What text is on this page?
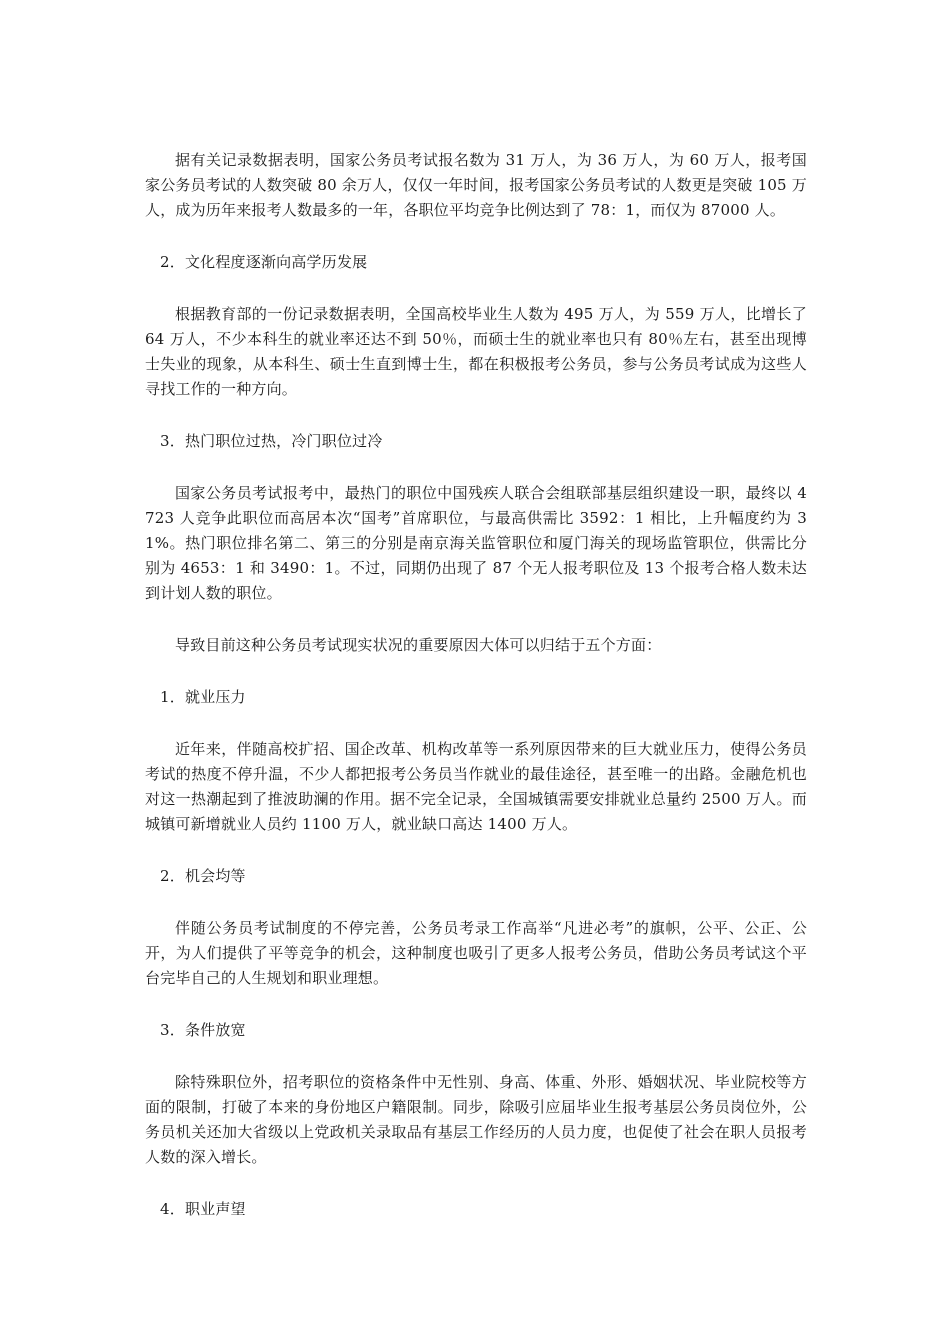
据有关记录数据表明，国家公务员考试报名数为 31 万人，为 36 万人，为 60 万人，报考国家公务员考试的人数突破 80 余万人，仅仅一年时间，报考国家公务员考试的人数更是突破 105 万人，成为历年来报考人数最多的一年，各职位平均竞争比例达到了 78：1，而仅为 87000 人。

2．文化程度逐渐向高学历发展

根据教育部的一份记录数据表明，全国高校毕业生人数为 495 万人，为 559 万人，比增长了 64 万人，不少本科生的就业率还达不到 50％，而硕士生的就业率也只有 80％左右，甚至出现博士失业的现象，从本科生、硕士生直到博士生，都在积极报考公务员，参与公务员考试成为这些人寻找工作的一种方向。

3．热门职位过热，冷门职位过冷

国家公务员考试报考中，最热门的职位中国残疾人联合会组联部基层组织建设一职，最终以 4723 人竞争此职位而高居本次“国考”首席职位，与最高供需比 3592：1 相比，上升幅度约为 31%。热门职位排名第二、第三的分别是南京海关监管职位和厦门海关的现场监管职位，供需比分别为 4653：1 和 3490：1。不过，同期仍出现了 87 个无人报考职位及 13 个报考合格人数未达到计划人数的职位。

导致目前这种公务员考试现实状况的重要原因大体可以归结于五个方面：

1．就业压力

近年来，伴随高校扩招、国企改革、机构改革等一系列原因带来的巨大就业压力，使得公务员考试的热度不停升温，不少人都把报考公务员当作就业的最佳途径，甚至唯一的出路。金融危机也对这一热潮起到了推波助澜的作用。据不完全记录，全国城镇需要安排就业总量约 2500 万人。而城镇可新增就业人员约 1100 万人，就业缺口高达 1400 万人。

2．机会均等

伴随公务员考试制度的不停完善，公务员考录工作高举“凡进必考”的旗帜，公平、公正、公开，为人们提供了平等竞争的机会，这种制度也吸引了更多人报考公务员，借助公务员考试这个平台完毕自己的人生规划和职业理想。

3．条件放宽

除特殊职位外，招考职位的资格条件中无性别、身高、体重、外形、婚姻状况、毕业院校等方面的限制，打破了本来的身份地区户籍限制。同步，除吸引应届毕业生报考基层公务员岗位外，公务员机关还加大省级以上党政机关录取品有基层工作经历的人员力度，也促使了社会在职人员报考人数的深入增长。

4．职业声望
